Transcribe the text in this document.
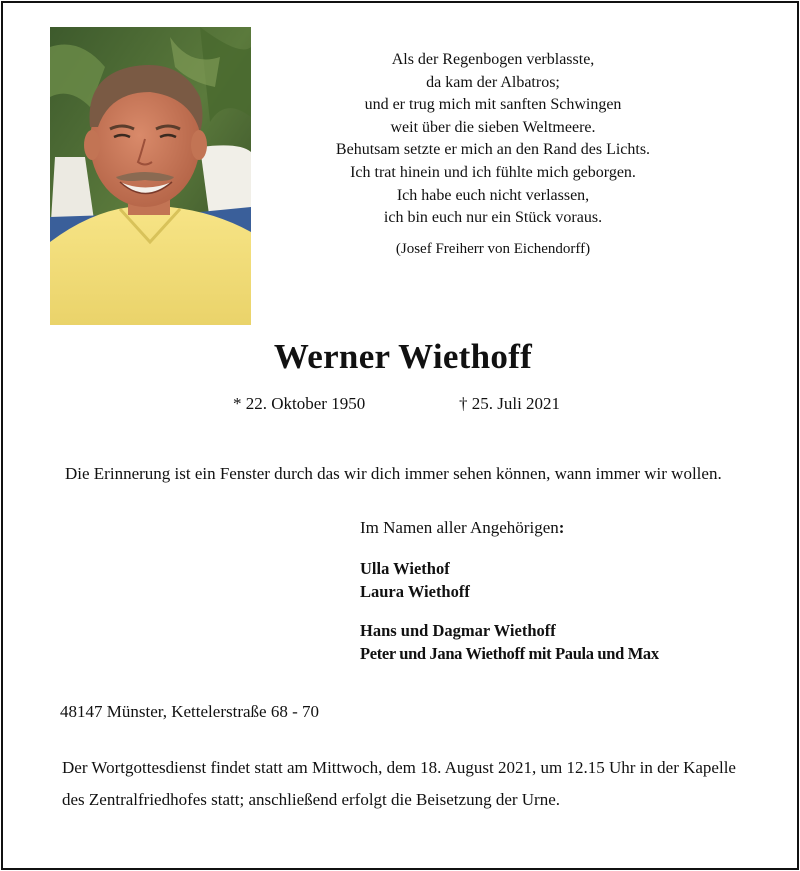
Als der Regenbogen verblasste,
da kam der Albatros;
und er trug mich mit sanften Schwingen
weit über die sieben Weltmeere.
Behutsam setzte er mich an den Rand des Lichts.
Ich trat hinein und ich fühlte mich geborgen.
Ich habe euch nicht verlassen,
ich bin euch nur ein Stück voraus.
(Josef Freiherr von Eichendorff)
Werner Wiethoff
* 22. Oktober 1950	† 25. Juli 2021
Die Erinnerung ist ein Fenster durch das wir dich immer sehen können, wann immer wir wollen.
Im Namen aller Angehörigen:
Ulla Wiethof
Laura Wiethoff
Hans und Dagmar Wiethoff
Peter und Jana Wiethoff mit Paula und Max
48147 Münster, Kettelerstraße 68 - 70
Der Wortgottesdienst findet statt am Mittwoch, dem 18. August 2021, um 12.15 Uhr in der Kapelle des Zentralfriedhofes statt; anschließend erfolgt die Beisetzung der Urne.
